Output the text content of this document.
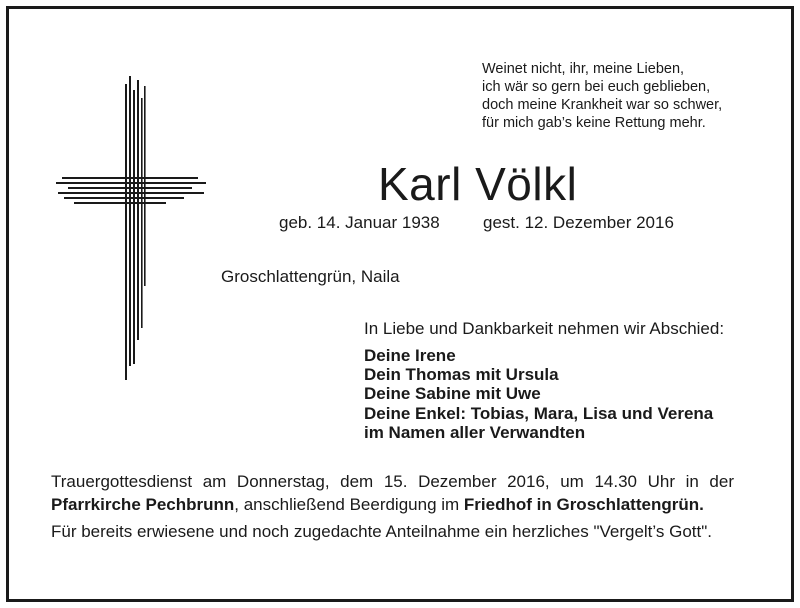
Weinet nicht, ihr, meine Lieben,
ich wär so gern bei euch geblieben,
doch meine Krankheit war so schwer,
für mich gab’s keine Rettung mehr.
Karl Völkl
geb. 14. Januar 1938	gest. 12. Dezember 2016
Groschlattengrün, Naila
In Liebe und Dankbarkeit nehmen wir Abschied:
Deine Irene
Dein Thomas mit Ursula
Deine Sabine mit Uwe
Deine Enkel: Tobias, Mara, Lisa und Verena
im Namen aller Verwandten
Trauergottesdienst am Donnerstag, dem 15. Dezember 2016, um 14.30 Uhr in der
Pfarrkirche Pechbrunn, anschließend Beerdigung im Friedhof in Groschlattengrün.
Für bereits erwiesene und noch zugedachte Anteilnahme ein herzliches "Vergelt’s Gott".
